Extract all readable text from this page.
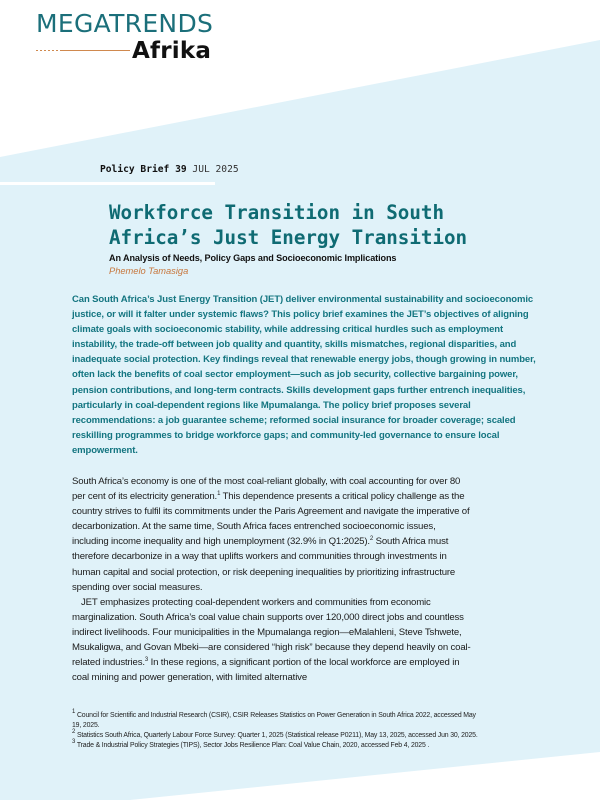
MEGATRENDS
Afrika
Policy Brief 39 JUL 2025
Workforce Transition in South
Africa’s Just Energy Transition
An Analysis of Needs, Policy Gaps and Socioeconomic Implications
Phemelo Tamasiga

Can South Africa’s Just Energy Transition (JET) deliver environmental sustainability and socioeconomic justice, or will it falter under systemic flaws? This policy brief examines the JET’s objectives of aligning climate goals with socioeconomic stability, while addressing critical hurdles such as employment instability, the trade-off between job quality and quantity, skills mismatches, regional disparities, and inadequate social protection. Key findings reveal that renewable energy jobs, though growing in number, often lack the benefits of coal sector employment—such as job security, collective bargaining power, pension contributions, and long-term contracts. Skills development gaps further entrench inequalities, particularly in coal-dependent regions like Mpumalanga. The policy brief proposes several recommendations: a job guarantee scheme; reformed social insurance for broader coverage; scaled reskilling programmes to bridge workforce gaps; and community-led governance to ensure local empowerment.

South Africa’s economy is one of the most coal-reliant globally, with coal accounting for over 80 per cent of its electricity generation.$^1$ This dependence presents a critical policy challenge as the country strives to fulfil its commitments under the Paris Agreement and navigate the imperative of decarbonization. At the same time, South Africa faces entrenched socioeconomic issues, including income inequality and high unemployment (32.9% in Q1:2025).$^2$ South Africa must therefore decarbonize in a way that uplifts workers and communities through investments in human capital and social protection, or risk deepening inequalities by prioritizing infrastructure spending over social measures.

JET emphasizes protecting coal-dependent workers and communities from economic marginalization. South Africa’s coal value chain supports over 120,000 direct jobs and countless indirect livelihoods. Four municipalities in the Mpumalanga region—eMalahleni, Steve Tshwete, Msukaligwa, and Govan Mbeki—are considered “high risk” because they depend heavily on coal-related industries.$^3$ In these regions, a significant portion of the local workforce are employed in coal mining and power generation, with limited alternative

$^1$ Council for Scientific and Industrial Research (CSIR), CSIR Releases Statistics on Power Generation in South Africa 2022, accessed May 19, 2025.

$^2$ Statistics South Africa, Quarterly Labour Force Survey: Quarter 1, 2025 (Statistical release P0211), May 13, 2025, accessed Jun 30, 2025.

$^3$ Trade & Industrial Policy Strategies (TIPS), Sector Jobs Resilience Plan: Coal Value Chain, 2020, accessed Feb 4, 2025 .
